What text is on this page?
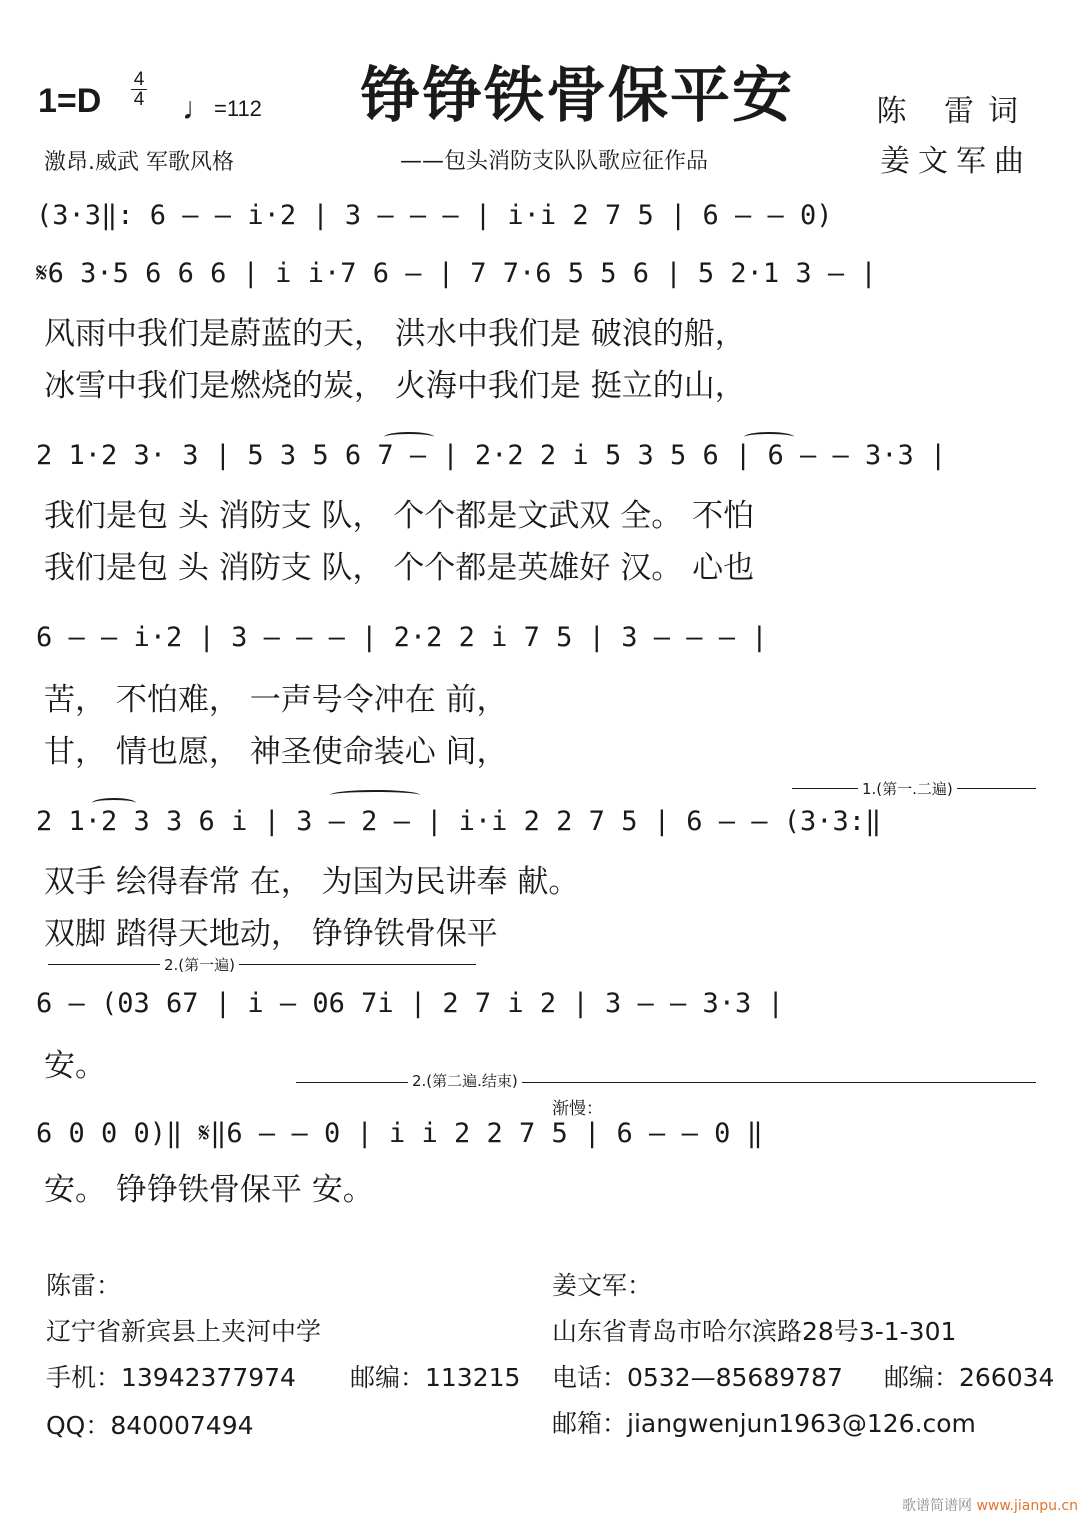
1=D
4
4 ♩=112 铮铮铁骨保平安	陈 雷词
姜文军曲
激昂.威武 军歌风格	——包头消防支队队歌应征作品
(3·3‖: 6 — — i·2 | 3 — — — | i·i 2 7 5 | 6 — — 0)
𝄋6 3·5 6 6 6 | i i·7 6 — | 7 7·6 5 5 6 | 5 2·1 3 — |
风雨中我们是蔚蓝的天， 洪水中我们是 破浪的船，
冰雪中我们是燃烧的炭， 火海中我们是 挺立的山，
2 1·2 3· 3 | 5 3 5 6 7 — | 2·2 2 i 5 3 5 6 | 6 — — 3·3 |
我们是包 头 消防支 队， 个个都是文武双 全。 不怕
我们是包 头 消防支 队， 个个都是英雄好 汉。 心也
6 — — i·2 | 3 — — — | 2·2 2 i 7 5 | 3 — — — |
苦， 不怕难， 一声号令冲在 前，
甘， 情也愿， 神圣使命装心 间，
1.(第一.二遍)
2 1·2 3 3 6 i | 3 — 2 — | i·i 2 2 7 5 | 6 — — (3·3:‖
双手 绘得春常 在， 为国为民讲奉 献。
双脚 踏得天地动， 铮铮铁骨保平
2.(第一遍)
6 — (03 67 | i — 06 7i | 2 7 i 2 | 3 — — 3·3 |
安。	2.(第二遍.结束)
渐慢：
6 0 0 0)‖ 𝄋‖6 — — 0 | i i 2 2 7 5 | 6 — — 0 ‖
安。 铮铮铁骨保平 安。
陈雷：
辽宁省新宾县上夹河中学
手机：13942377974 邮编：113215
QQ：840007494
姜文军：
山东省青岛市哈尔滨路28号3-1-301
电话：0532—85689787 邮编：266034
邮箱：jiangwenjun1963@126.com
歌谱简谱网 www.jianpu.cn
